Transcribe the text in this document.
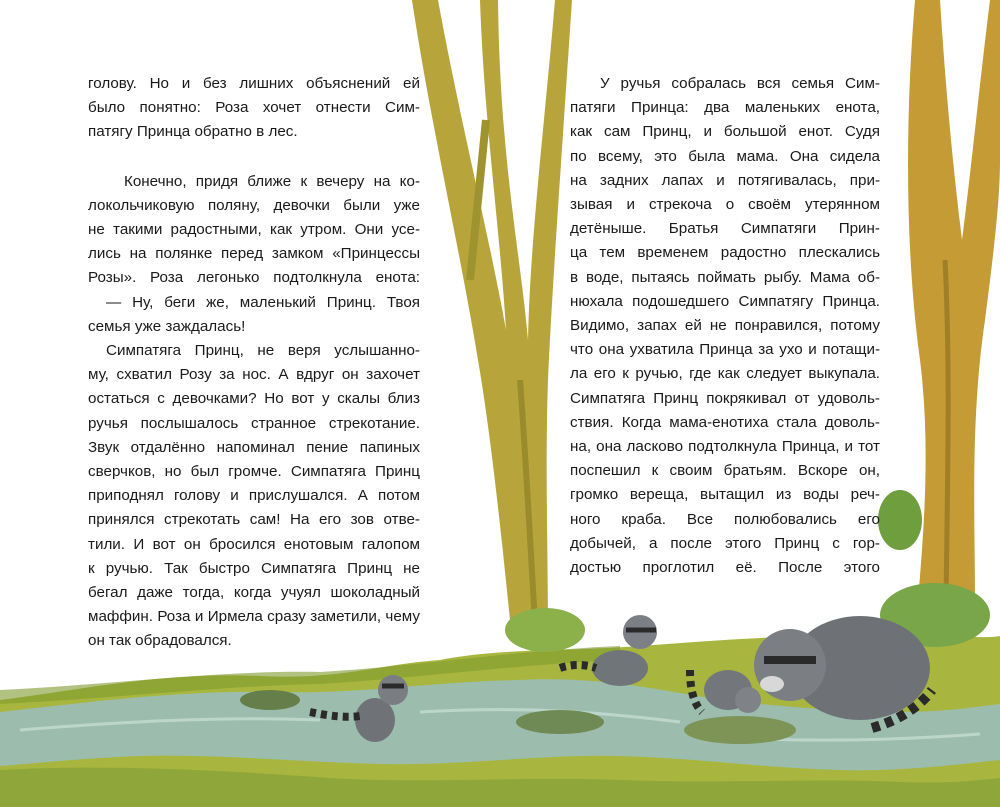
голову. Но и без лишних объяснений ей
было понятно: Роза хочет отнести Сим-
патягу Принца обратно в лес.
Конечно, придя ближе к вечеру на ко-
локольчиковую поляну, девочки были уже
не такими радостными, как утром. Они усе-
лись на полянке перед замком «Принцессы
Розы». Роза легонько подтолкнула енота:
— Ну, беги же, маленький Принц. Твоя
семья уже заждалась!
Симпатяга Принц, не веря услышанно-
му, схватил Розу за нос. А вдруг он захочет
остаться с девочками? Но вот у скалы близ
ручья послышалось странное стрекотание.
Звук отдалённо напоминал пение папиных
сверчков, но был громче. Симпатяга Принц
приподнял голову и прислушался. А потом
принялся стрекотать сам! На его зов отве-
тили. И вот он бросился енотовым галопом
к ручью. Так быстро Симпатяга Принц не
бегал даже тогда, когда учуял шоколадный
маффин. Роза и Ирмела сразу заметили, чему
он так обрадовался.
У ручья собралась вся семья Сим-
патяги Принца: два маленьких енота,
как сам Принц, и большой енот. Судя
по всему, это была мама. Она сидела
на задних лапах и потягивалась, при-
зывая и стрекоча о своём утерянном
детёныше. Братья Симпатяги Прин-
ца тем временем радостно плескались
в воде, пытаясь поймать рыбу. Мама об-
нюхала подошедшего Симпатягу Принца.
Видимо, запах ей не понравился, потому
что она ухватила Принца за ухо и потащи-
ла его к ручью, где как следует выкупала.
Симпатяга Принц покрякивал от удоволь-
ствия. Когда мама-енотиха стала доволь-
на, она ласково подтолкнула Принца, и тот
поспешил к своим братьям. Вскоре он,
громко вереща, вытащил из воды реч-
ного краба. Все полюбовались его
добычей, а после этого Принц с гор-
достью проглотил её. После этого
